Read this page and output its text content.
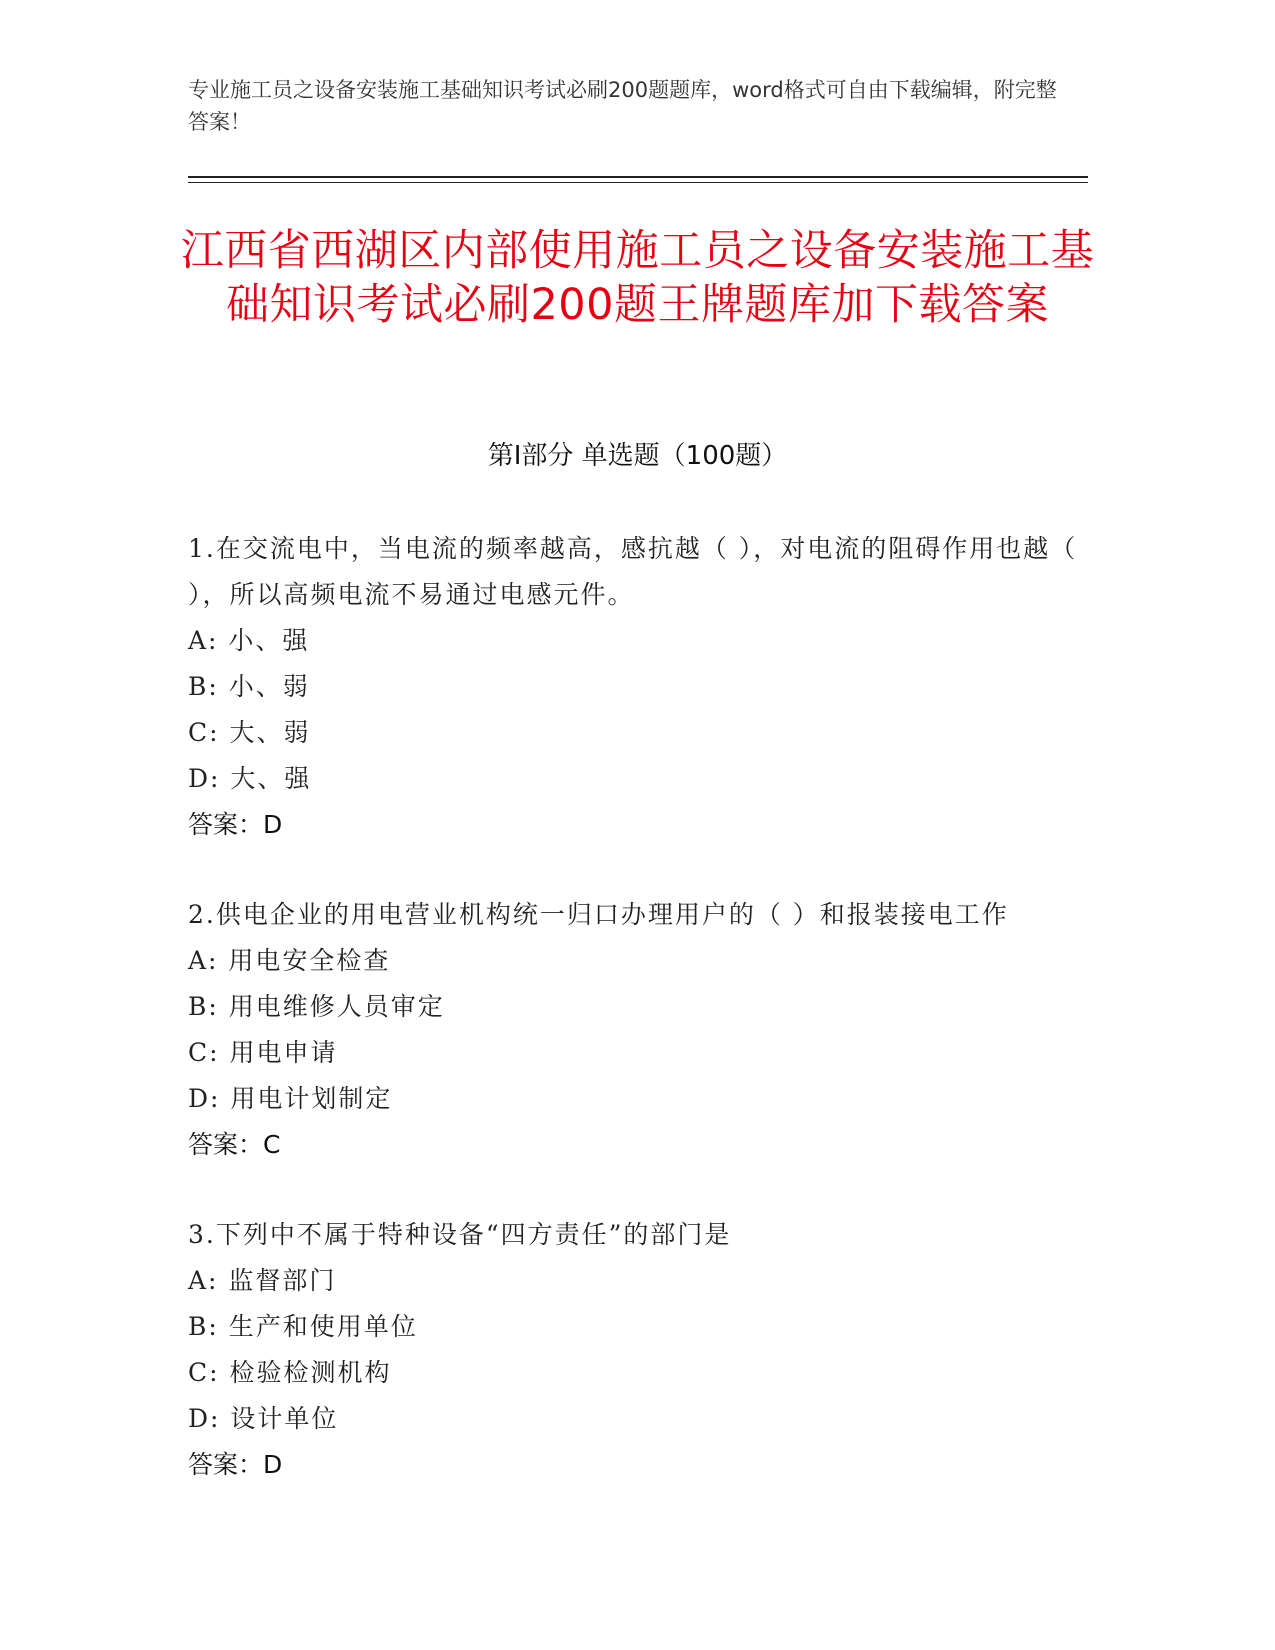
专业施工员之设备安装施工基础知识考试必刷200题题库，word格式可自由下载编辑，附完整答案！
江西省西湖区内部使用施工员之设备安装施工基础知识考试必刷200题王牌题库加下载答案
第I部分 单选题（100题）
1.在交流电中，当电流的频率越高，感抗越（ ），对电流的阻碍作用也越（ ），所以高频电流不易通过电感元件。
A: 小、强
B: 小、弱
C: 大、弱
D: 大、强
答案：D
2.供电企业的用电营业机构统一归口办理用户的（ ）和报装接电工作
A: 用电安全检查
B: 用电维修人员审定
C: 用电申请
D: 用电计划制定
答案：C
3.下列中不属于特种设备“四方责任”的部门是
A: 监督部门
B: 生产和使用单位
C: 检验检测机构
D: 设计单位
答案：D
